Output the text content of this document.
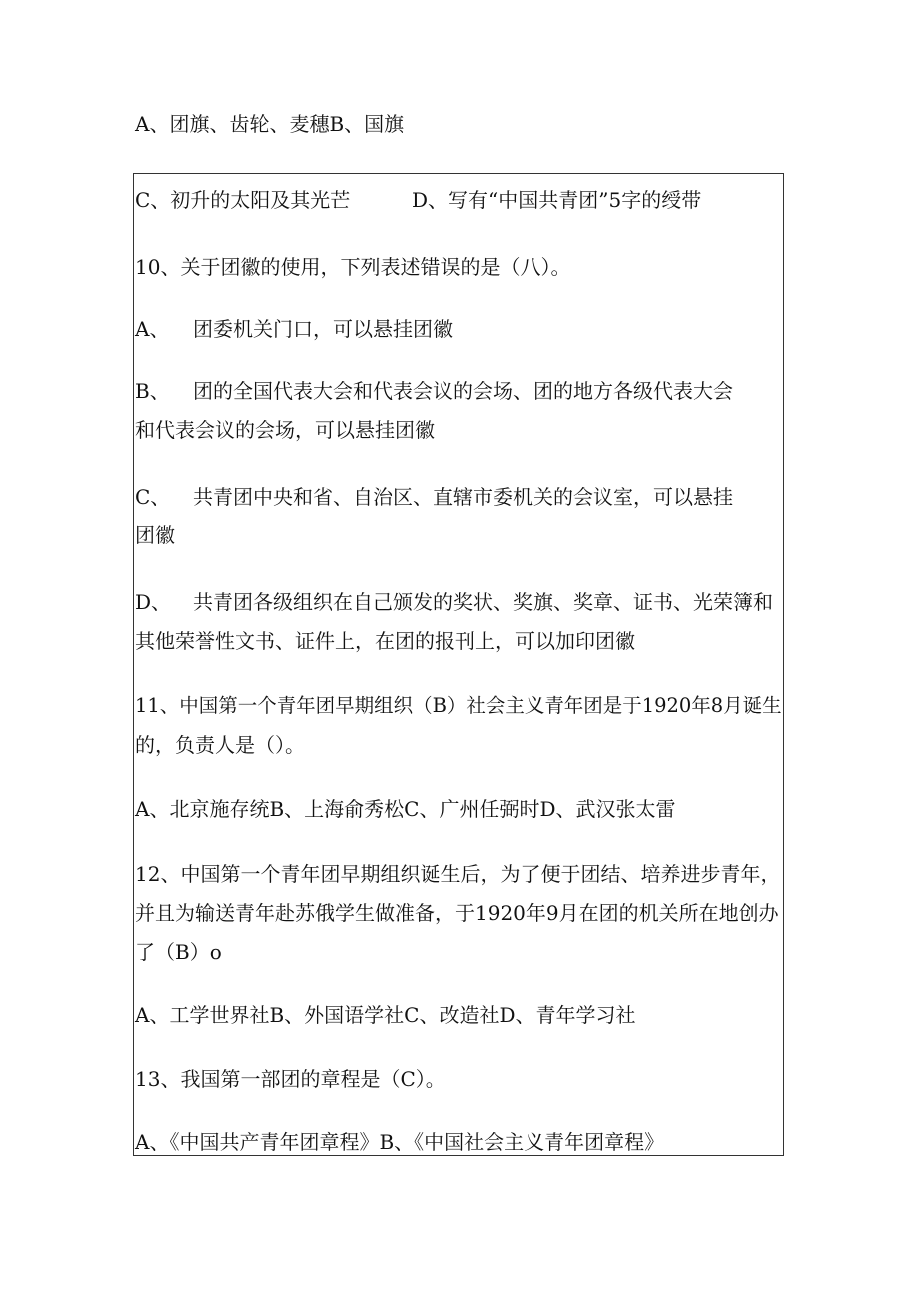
A、团旗、齿轮、麦穗B、国旗

C、初升的太阳及其光芒	D、写有“中国共青团”5字的绶带

10、关于团徽的使用，下列表述错误的是（八）。

A、 团委机关门口，可以悬挂团徽

B、 团的全国代表大会和代表会议的会场、团的地方各级代表大会

和代表会议的会场，可以悬挂团徽

C、 共青团中央和省、自治区、直辖市委机关的会议室，可以悬挂

团徽

D、 共青团各级组织在自己颁发的奖状、奖旗、奖章、证书、光荣簿和

其他荣誉性文书、证件上，在团的报刊上，可以加印团徽

11、中国第一个青年团早期组织（B）社会主义青年团是于1920年8月诞生

的，负责人是（）。

A、北京施存统B、上海俞秀松C、广州任弼时D、武汉张太雷

12、中国第一个青年团早期组织诞生后，为了便于团结、培养进步青年，

并且为输送青年赴苏俄学生做准备，于1920年9月在团的机关所在地创办

了（B）o

A、工学世界社B、外国语学社C、改造社D、青年学习社

13、我国第一部团的章程是（C）。

A、《中国共产青年团章程》B、《中国社会主义青年团章程》
